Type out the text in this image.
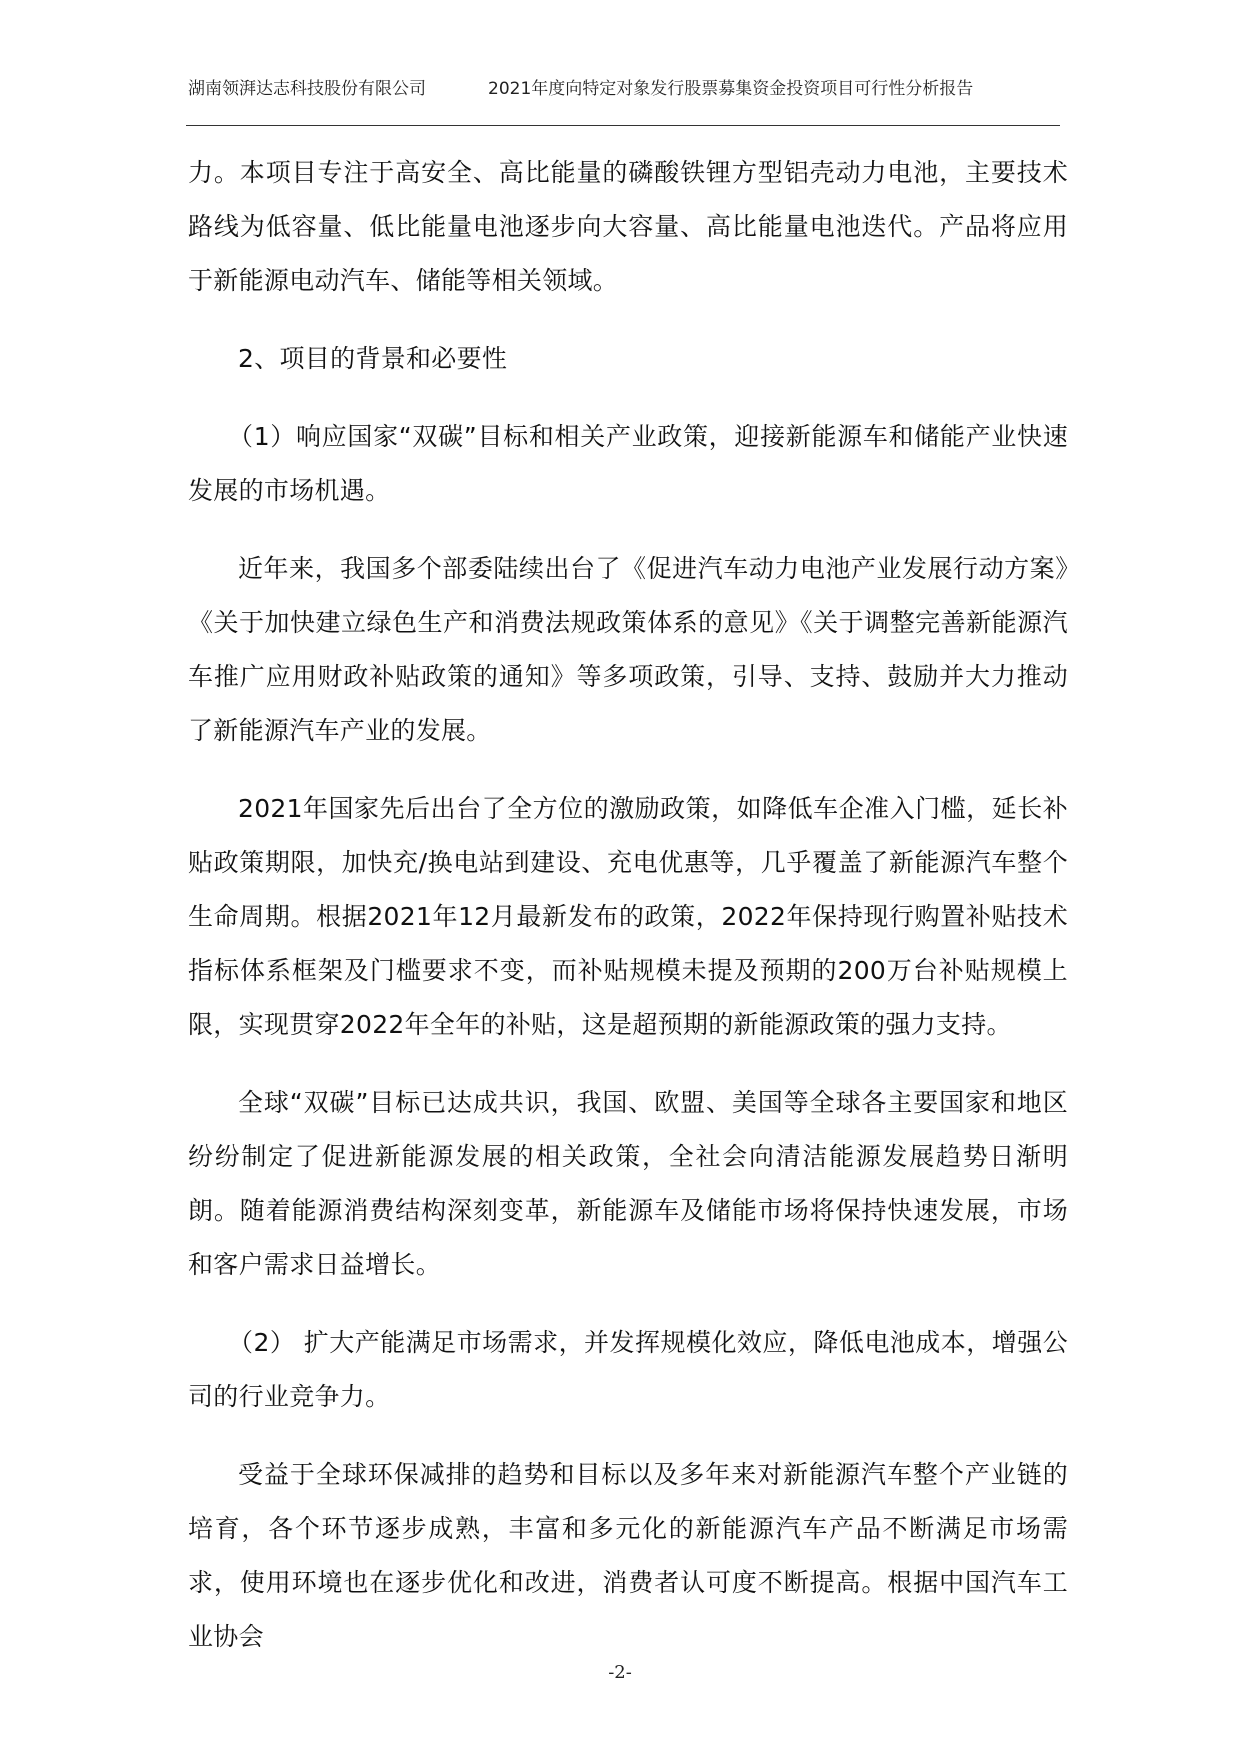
湖南领湃达志科技股份有限公司	2021年度向特定对象发行股票募集资金投资项目可行性分析报告

力。本项目专注于高安全、高比能量的磷酸铁锂方型铝壳动力电池，主要技术路线为低容量、低比能量电池逐步向大容量、高比能量电池迭代。产品将应用于新能源电动汽车、储能等相关领域。

2、项目的背景和必要性

（1）响应国家“双碳”目标和相关产业政策，迎接新能源车和储能产业快速发展的市场机遇。

近年来，我国多个部委陆续出台了《促进汽车动力电池产业发展行动方案》《关于加快建立绿色生产和消费法规政策体系的意见》《关于调整完善新能源汽车推广应用财政补贴政策的通知》等多项政策，引导、支持、鼓励并大力推动了新能源汽车产业的发展。

2021年国家先后出台了全方位的激励政策，如降低车企准入门槛，延长补贴政策期限，加快充/换电站到建设、充电优惠等，几乎覆盖了新能源汽车整个生命周期。根据2021年12月最新发布的政策，2022年保持现行购置补贴技术指标体系框架及门槛要求不变，而补贴规模未提及预期的200万台补贴规模上限，实现贯穿2022年全年的补贴，这是超预期的新能源政策的强力支持。

全球“双碳”目标已达成共识，我国、欧盟、美国等全球各主要国家和地区纷纷制定了促进新能源发展的相关政策，全社会向清洁能源发展趋势日渐明朗。随着能源消费结构深刻变革，新能源车及储能市场将保持快速发展，市场和客户需求日益增长。

（2） 扩大产能满足市场需求，并发挥规模化效应，降低电池成本，增强公司的行业竞争力。

受益于全球环保减排的趋势和目标以及多年来对新能源汽车整个产业链的培育，各个环节逐步成熟，丰富和多元化的新能源汽车产品不断满足市场需求，使用环境也在逐步优化和改进，消费者认可度不断提高。根据中国汽车工业协会

-2-
